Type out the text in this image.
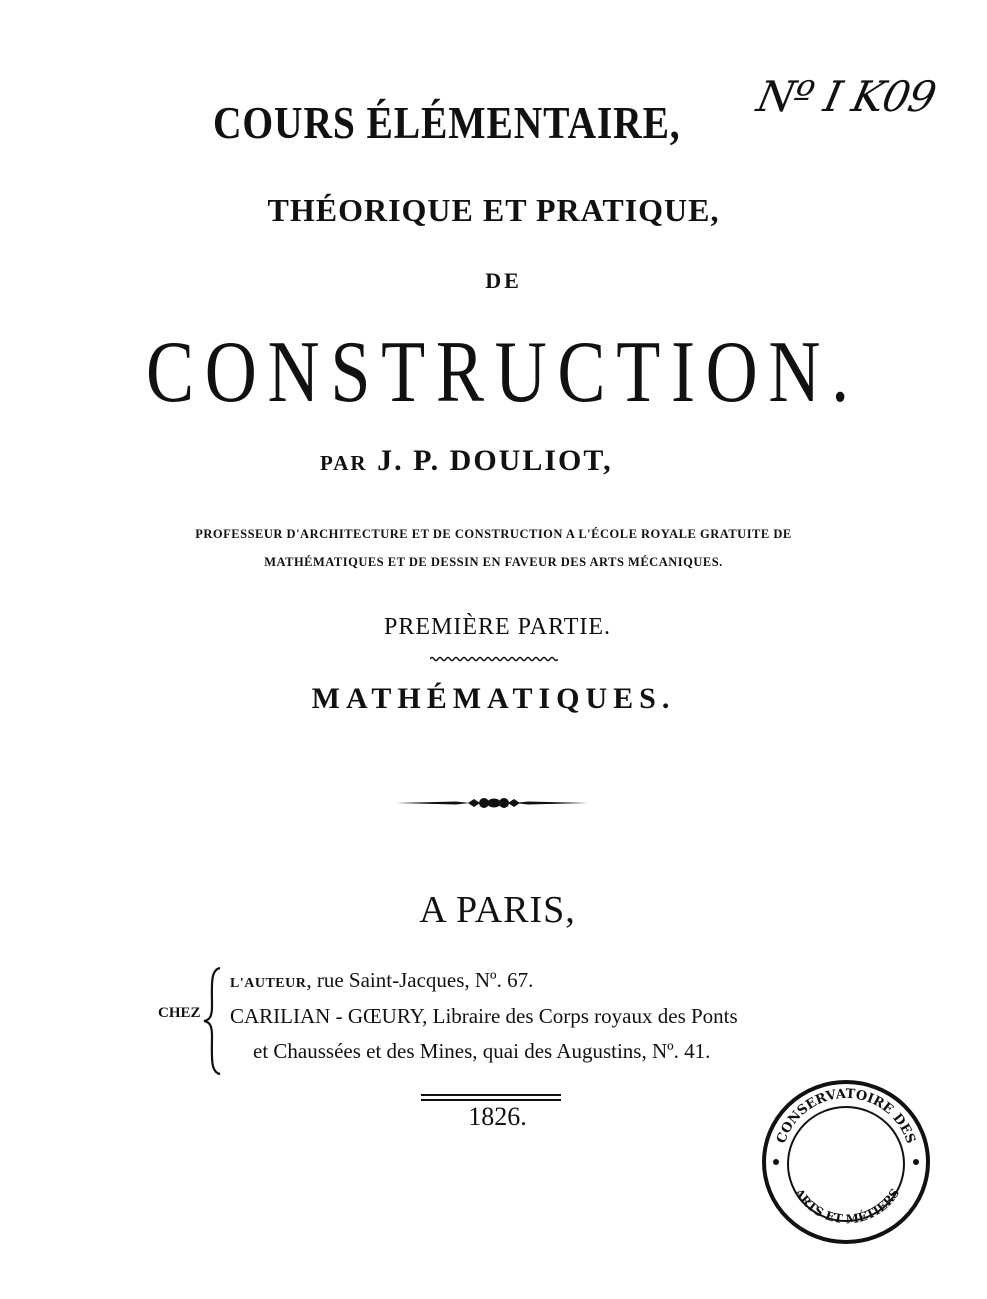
COURS ÉLÉMENTAIRE,
Nº I K09
THÉORIQUE ET PRATIQUE,
DE
CONSTRUCTION.
PAR J. P. DOULIOT,
PROFESSEUR D'ARCHITECTURE ET DE CONSTRUCTION A L'ÉCOLE ROYALE GRATUITE DE
MATHÉMATIQUES ET DE DESSIN EN FAVEUR DES ARTS MÉCANIQUES.
PREMIÈRE PARTIE.
MATHÉMATIQUES.
A PARIS,
CHEZ
L'AUTEUR, rue Saint-Jacques, Nº. 67.
CARILIAN - GŒURY, Libraire des Corps royaux des Ponts
et Chaussées et des Mines, quai des Augustins, Nº. 41.
1826.
CONSERVATOIRE DES
ARTS ET MÉTIERS
